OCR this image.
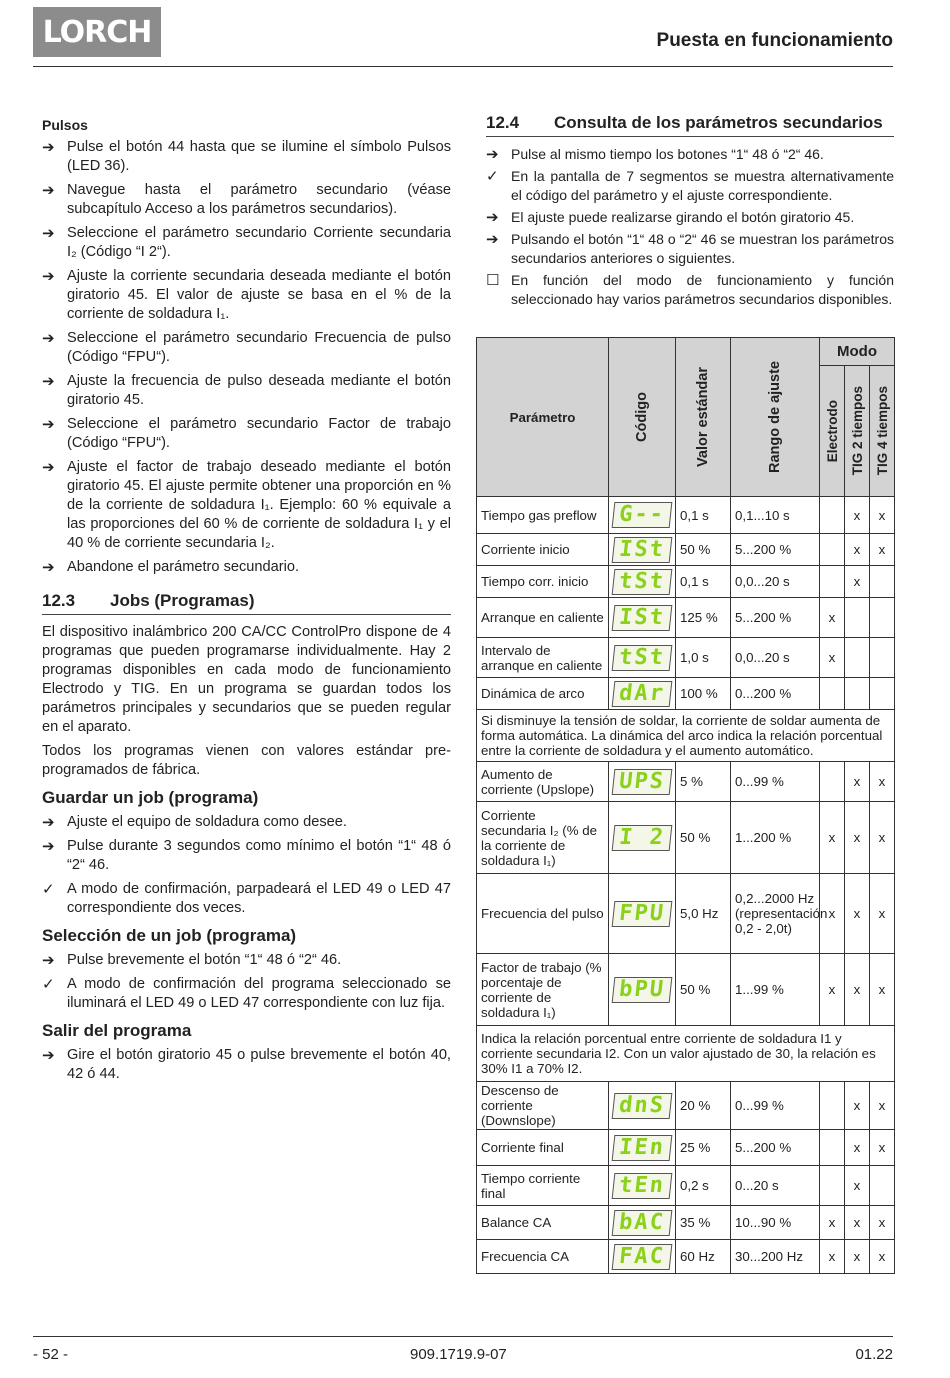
LORCH	Puesta en funcionamiento
Pulsos
➔ Pulse el botón 44 hasta que se ilumine el símbolo Pulsos (LED 36).
➔ Navegue hasta el parámetro secundario (véase subcapítulo Acceso a los parámetros secundarios).
➔ Seleccione el parámetro secundario Corriente secundaria I₂ (Código “I 2“).
➔ Ajuste la corriente secundaria deseada mediante el botón giratorio 45. El valor de ajuste se basa en el % de la corriente de soldadura I₁.
➔ Seleccione el parámetro secundario Frecuencia de pulso (Código “FPU“).
➔ Ajuste la frecuencia de pulso deseada mediante el botón giratorio 45.
➔ Seleccione el parámetro secundario Factor de trabajo (Código “FPU“).
➔ Ajuste el factor de trabajo deseado mediante el botón giratorio 45. El ajuste permite obtener una proporción en % de la corriente de soldadura I₁. Ejemplo: 60 % equivale a las proporciones del 60 % de corriente de soldadura I₁ y el 40 % de corriente secundaria I₂.
➔ Abandone el parámetro secundario.
12.3 Jobs (Programas)

El dispositivo inalámbrico 200 CA/CC ControlPro dispone de 4 programas que pueden programarse individualmente. Hay 2 programas disponibles en cada modo de funcionamiento Electrodo y TIG. En un programa se guardan todos los parámetros principales y secundarios que se pueden regular en el aparato.

Todos los programas vienen con valores estándar pre-programados de fábrica.

Guardar un job (programa)
➔ Ajuste el equipo de soldadura como desee.
➔ Pulse durante 3 segundos como mínimo el botón “1“ 48 ó “2“ 46.
✓ A modo de confirmación, parpadeará el LED 49 o LED 47 correspondiente dos veces.
Selección de un job (programa)
➔ Pulse brevemente el botón “1“ 48 ó “2“ 46.
✓ A modo de confirmación del programa seleccionado se iluminará el LED 49 o LED 47 correspondiente con luz fija.
Salir del programa
➔ Gire el botón giratorio 45 o pulse brevemente el botón 40, 42 ó 44.
12.4 Consulta de los parámetros secundarios
➔ Pulse al mismo tiempo los botones “1“ 48 ó “2“ 46.
✓ En la pantalla de 7 segmentos se muestra alternativamente el código del parámetro y el ajuste correspondiente.
➔ El ajuste puede realizarse girando el botón giratorio 45.
➔ Pulsando el botón “1“ 48 o “2“ 46 se muestran los parámetros secundarios anteriores o siguientes.
☐ En función del modo de funcionamiento y función seleccionado hay varios parámetros secundarios disponibles.
Parámetro	Código	Valor estándar	Rango de ajuste	Modo		

				Electrodo	TIG 2 tiempos	TIG 4 tiempos

Tiempo gas preflow	G--	0,1 s	0,1...10 s		x	x
Corriente inicio	ISt	50 %	5...200 %		x	x
Tiempo corr. inicio	tSt	0,1 s	0,0...20 s		x	
Arranque en caliente	ISt	125 %	5...200 %	x		
Intervalo de arranque en caliente	tSt	1,0 s	0,0...20 s	x		
Dinámica de arco	dAr	100 %	0...200 %			
Si disminuye la tensión de soldar, la corriente de soldar aumenta de forma automática. La dinámica del arco indica la relación porcentual entre la corriente de soldadura y el aumento automático.						
Aumento de corriente (Upslope)	UPS	5 %	0...99 %		x	x
Corriente secundaria I₂ (% de la corriente de soldadura I₁)	I 2	50 %	1...200 %	x	x	x
Frecuencia del pulso	FPU	5,0 Hz	0,2...2000 Hz (representación 0,2 - 2,0t)	x	x	x
Factor de trabajo (% porcentaje de corriente de soldadura I₁)	bPU	50 %	1...99 %	x	x	x
Indica la relación porcentual entre corriente de soldadura I1 y corriente secundaria I2. Con un valor ajustado de 30, la relación es 30% I1 a 70% I2.						
Descenso de corriente (Downslope)	dnS	20 %	0...99 %		x	x
Corriente final	IEn	25 %	5...200 %		x	x
Tiempo corriente final	tEn	0,2 s	0...20 s		x	
Balance CA	bAC	35 %	10...90 %	x	x	x
Frecuencia CA	FAC	60 Hz	30...200 Hz	x	x	x
- 52 -	909.1719.9-07	01.22
